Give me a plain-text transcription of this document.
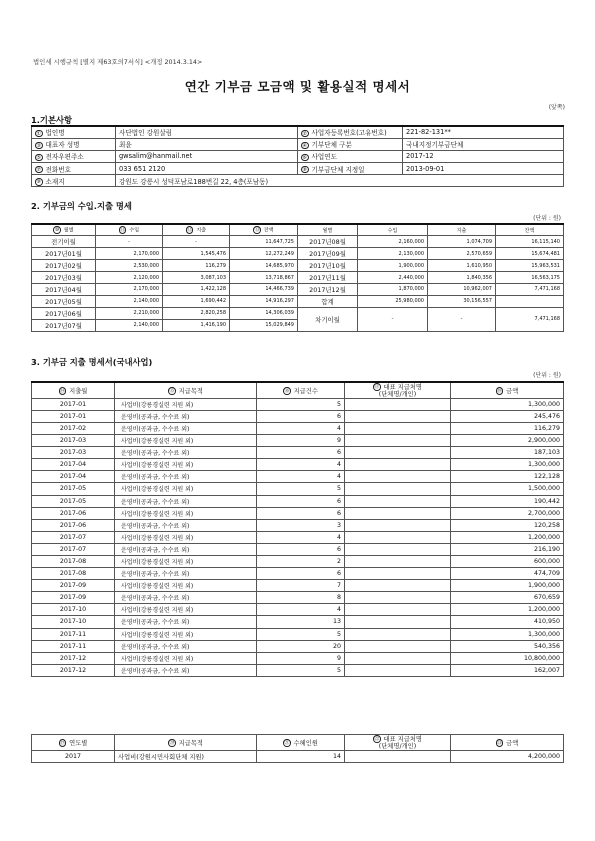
법인세 시행규칙 [별지 제63호의7서식] <개정 2014.3.14>
연간 기부금 모금액 및 활용실적 명세서
(앞쪽)
1.기본사항
① 법인명	사단법인 강원살림	② 사업자등록번호(고유번호)	221-82-131**
③ 대표자 성명	최윤	④ 기부단체 구분	국내지정기부금단체
⑤ 전자우편주소	gwsalim@hanmail.net	⑥ 사업연도	2017-12
⑦ 전화번호	033 651 2120	⑧ 기부금단체 지정일	2013-09-01
⑨ 소재지	강원도 강릉시 성덕포남로188번길 22, 4층(포남동)		
2. 기부금의 수입.지출 명세
(단위 : 원)
⑩ 월별	⑪ 수입	⑫ 지출	⑬ 잔액	월별	수입	지출	잔액
전기이월	-	-	11,647,725	2017년08월	2,160,000	1,074,709	16,115,140
2017년01월	2,170,000	1,545,476	12,272,249	2017년09월	2,130,000	2,570,659	15,674,481
2017년02월	2,530,000	116,279	14,685,970	2017년10월	1,900,000	1,610,950	15,963,531
2017년03월	2,120,000	3,087,103	13,718,867	2017년11월	2,440,000	1,840,356	16,563,175
2017년04월	2,170,000	1,422,128	14,466,739	2017년12월	1,870,000	10,962,007	7,471,168
2017년05월	2,140,000	1,690,442	14,916,297	합계	25,980,000	30,156,557	
2017년06월	2,210,000	2,820,258	14,306,039	차기이월	-	-	7,471,168
2017년07월	2,140,000	1,416,190	15,029,849				
3. 기부금 지출 명세서(국내사업)
(단위 : 원)
⑭ 지출월	⑮ 지급목적	⑯ 지급건수	⑰ 대표 지급처명
(단체명/개인)	⑱ 금액
2017-01	사업비(강릉경실련 지원 외)	5		1,300,000
2017-01	운영비(공과금, 수수료 외)	6		245,476
2017-02	운영비(공과금, 수수료 외)	4		116,279
2017-03	사업비(강릉경실련 지원 외)	9		2,900,000
2017-03	운영비(공과금, 수수료 외)	6		187,103
2017-04	사업비(강릉경실련 지원 외)	4		1,300,000
2017-04	운영비(공과금, 수수료 외)	4		122,128
2017-05	사업비(강릉경실련 지원 외)	5		1,500,000
2017-05	운영비(공과금, 수수료 외)	6		190,442
2017-06	사업비(강릉경실련 지원 외)	6		2,700,000
2017-06	운영비(공과금, 수수료 외)	3		120,258
2017-07	사업비(강릉경실련 지원 외)	4		1,200,000
2017-07	운영비(공과금, 수수료 외)	6		216,190
2017-08	사업비(강릉경실련 지원 외)	2		600,000
2017-08	운영비(공과금, 수수료 외)	6		474,709
2017-09	사업비(강릉경실련 지원 외)	7		1,900,000
2017-09	운영비(공과금, 수수료 외)	8		670,659
2017-10	사업비(강릉경실련 지원 외)	4		1,200,000
2017-10	운영비(공과금, 수수료 외)	13		410,950
2017-11	사업비(강릉경실련 지원 외)	5		1,300,000
2017-11	운영비(공과금, 수수료 외)	20		540,356
2017-12	사업비(강릉경실련 지원 외)	9		10,800,000
2017-12	운영비(공과금, 수수료 외)	5		162,007
⑲ 연도별	⑳ 지급목적	㉑ 수혜인원	㉒ 대표 지급처명
(단체명/개인)	㉓ 금액
2017	사업비(강원시민사회단체 지원)	14		4,200,000
